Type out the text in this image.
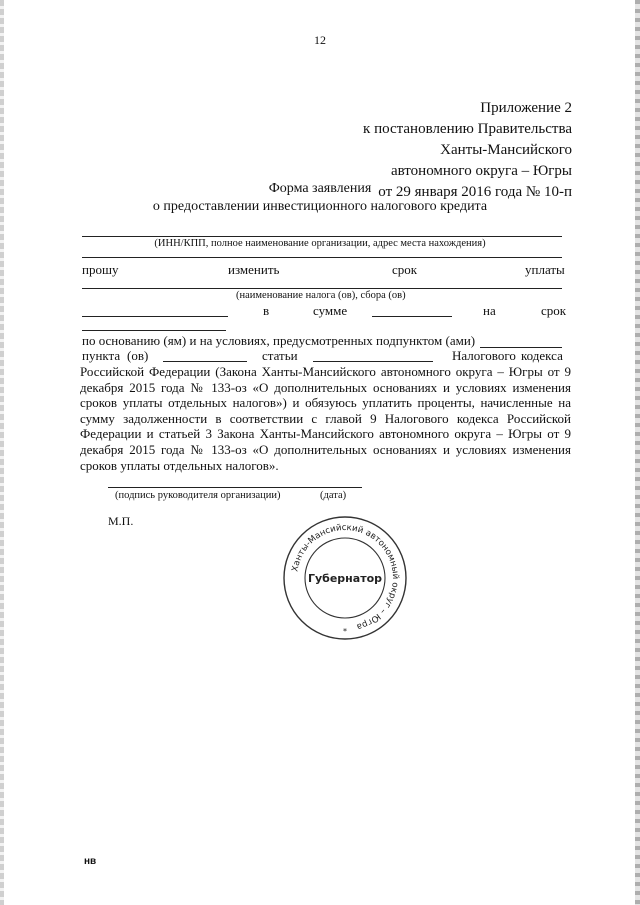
12
Приложение 2
к постановлению Правительства
Ханты-Мансийского
автономного округа – Югры
от 29 января 2016 года № 10-п
Форма заявления
о предоставлении инвестиционного налогового кредита
(ИНН/КПП, полное наименование организации, адрес места нахождения)
прошу	изменить	срок	уплаты
(наименование налога (ов), сбора (ов)
в	сумме	на	срок
по основанию (ям) и на условиях, предусмотренных подпунктом (ами)
пункта (ов)	статьи	Налогового кодекса
Российской Федерации (Закона Ханты-Мансийского автономного округа – Югры от 9 декабря 2015 года № 133-оз «О дополнительных основаниях и условиях изменения сроков уплаты отдельных налогов») и обязуюсь уплатить проценты, начисленные на сумму задолженности в соответствии с главой 9 Налогового кодекса Российской Федерации и статьей 3 Закона Ханты-Мансийского автономного округа – Югры от 9 декабря 2015 года № 133-оз «О дополнительных основаниях и условиях изменения сроков уплаты отдельных налогов».
(подпись руководителя организации)	(дата)
М.П.
Ханты-Мансийский автономный округ – Югра
Губернатор
*
нв
